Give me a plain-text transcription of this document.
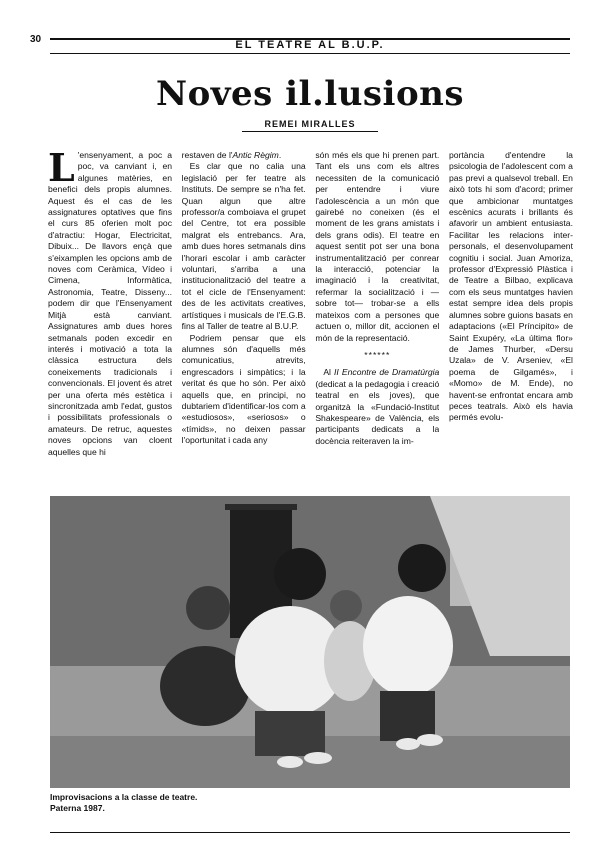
30	EL TEATRE AL B.U.P.
Noves il.lusions
REMEI MIRALLES

L 'ensenyament, a poc a poc, va canviant i, en algunes matèries, en benefici dels propis alumnes. Aquest és el cas de les assignatures optatives que fins el curs 85 oferien molt poc d'atractiu: Hogar, Electricitat, Dibuix... De llavors ençà que s'eixamplen les opcions amb de noves com Ceràmica, Vídeo i Cimena, Informàtica, Astronomia, Teatre, Disseny... podem dir que l'Ensenyament Mitjà està canviant. Assignatures amb dues hores setmanals poden excedir en interés i motivació a tota la clàssica estructura dels coneixements tradicionals i convencionals. El jovent és atret per una oferta més estètica i sincronitzada amb l'edat, gustos i possibilitats professionals o amateurs. De retruc, aquestes noves opcions van cloent aquelles que hi

restaven de l'Antic Règim.

Es clar que no calia una legislació per fer teatre als Instituts. De sempre se n'ha fet. Quan algun que altre professor/a comboiava el grupet del Centre, tot era possible malgrat els entrebancs. Ara, amb dues hores setmanals dins l'horari escolar i amb caràcter voluntari, s'arriba a una institucionalització del teatre a tot el cicle de l'Ensenyament: des de les activitats creatives, artístiques i musicals de l'E.G.B. fins al Taller de teatre al B.U.P.

Podriem pensar que els alumnes són d'aquells més comunicatius, atrevits, engrescadors i simpàtics; i la veritat és que ho són. Per això aquells que, en principi, no dubtariem d'identificar-los com a «estudiosos», «seriosos» o «tímids», no deixen passar l'oportunitat i cada any

són més els que hi prenen part. Tant els uns com els altres necessiten de la comunicació per entendre i viure l'adolescència a un món que gairebé no coneixen (és el moment de les grans amistats i dels grans odis). El teatre en aquest sentit pot ser una bona instrumentalització per conrear la interacció, potenciar la imaginació i la creativitat, refermar la socialització i —sobre tot— trobar-se a ells mateixos com a persones que actuen o, millor dit, accionen el món de la representació.

******

Al II Encontre de Dramatúrgia (dedicat a la pedagogia i creació teatral en els joves), que organitzà la «Fundació-Institut Shakespeare» de València, els participants dedicats a la docència reiteraven la im-

portància d'entendre la psicologia de l'adolescent com a pas previ a qualsevol treball. En això tots hi som d'acord; primer que ambicionar muntatges escènics acurats i brillants és afavorir un ambient entusiasta. Facilitar les relacions inter-personals, el desenvolupament cognitiu i social. Juan Amoriza, professor d'Expressió Plàstica i de Teatre a Bilbao, explicava com els seus muntatges havien estat sempre idea dels propis alumnes sobre guions basats en adaptacions («El Príncipito» de Saint Exupéry, «La última flor» de James Thurber, «Dersu Uzala» de V. Arseniev, «El poema de Gilgamés», i «Momo» de M. Ende), no havent-se enfrontat encara amb peces teatrals. Això els havia permés evolu-

Improvisacions a la classe de teatre.
Paterna 1987.
